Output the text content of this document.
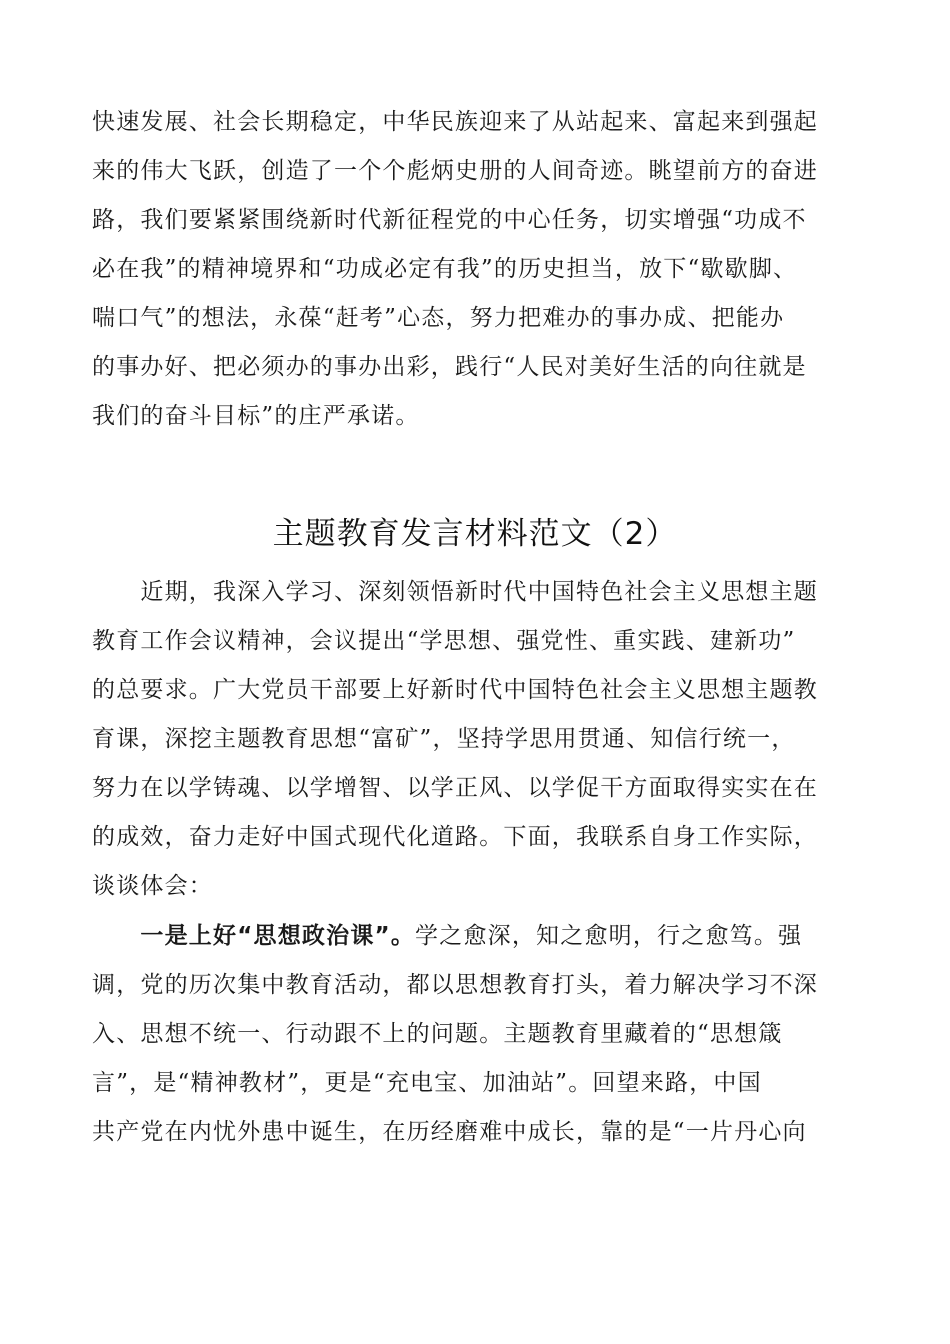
快速发展、社会长期稳定，中华民族迎来了从站起来、富起来到强起
来的伟大飞跃，创造了一个个彪炳史册的人间奇迹。眺望前方的奋进
路，我们要紧紧围绕新时代新征程党的中心任务，切实增强“功成不
必在我”的精神境界和“功成必定有我”的历史担当，放下“歇歇脚、
喘口气”的想法，永葆“赶考”心态，努力把难办的事办成、把能办
的事办好、把必须办的事办出彩，践行“人民对美好生活的向往就是
我们的奋斗目标”的庄严承诺。
主题教育发言材料范文（2）
　　近期，我深入学习、深刻领悟新时代中国特色社会主义思想主题
教育工作会议精神，会议提出“学思想、强党性、重实践、建新功”
的总要求。广大党员干部要上好新时代中国特色社会主义思想主题教
育课，深挖主题教育思想“富矿”，坚持学思用贯通、知信行统一，
努力在以学铸魂、以学增智、以学正风、以学促干方面取得实实在在
的成效，奋力走好中国式现代化道路。下面，我联系自身工作实际，
谈谈体会：
　　一是上好“思想政治课”。学之愈深，知之愈明，行之愈笃。强
调，党的历次集中教育活动，都以思想教育打头，着力解决学习不深
入、思想不统一、行动跟不上的问题。主题教育里藏着的“思想箴
言”，是“精神教材”，更是“充电宝、加油站”。回望来路，中国
共产党在内忧外患中诞生，在历经磨难中成长，靠的是“一片丹心向
